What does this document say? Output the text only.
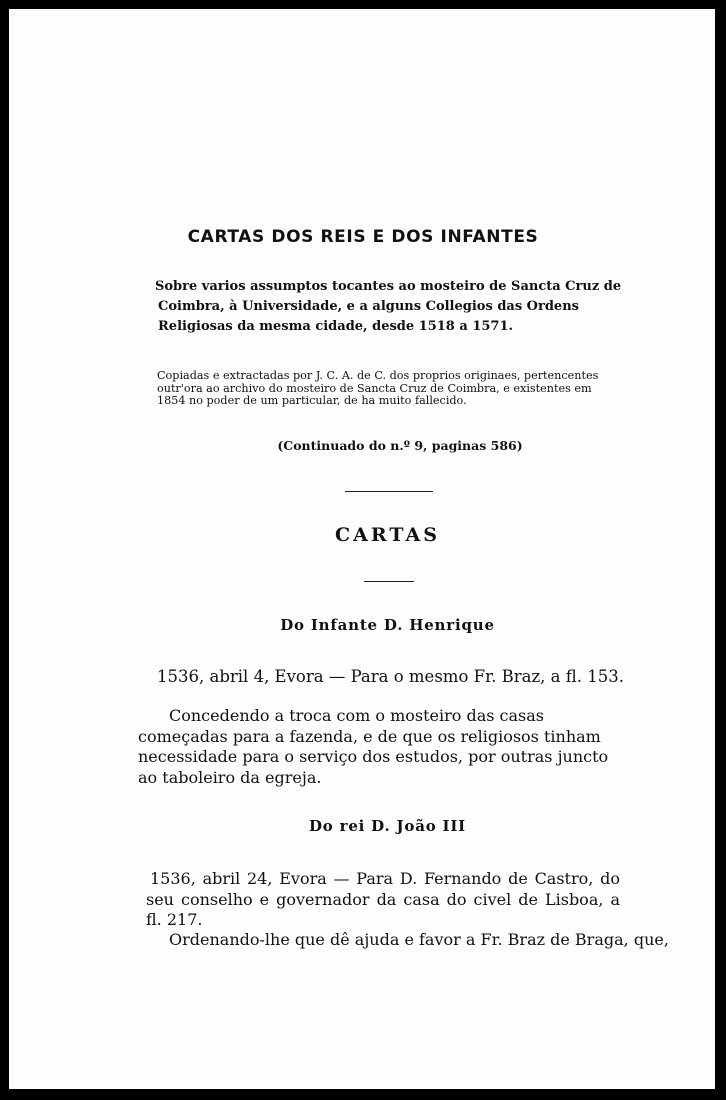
CARTAS DOS REIS E DOS INFANTES
Sobre varios assumptos tocantes ao mosteiro de Sancta Cruz de Coimbra, à Universidade, e a alguns Collegios das Ordens Religiosas da mesma cidade, desde 1518 a 1571.
Copiadas e extractadas por J. C. A. de C. dos proprios originaes, pertencentes outr'ora ao archivo do mosteiro de Sancta Cruz de Coimbra, e existentes em 1854 no poder de um particular, de ha muito fallecido.
(Continuado do n.º 9, paginas 586)
CARTAS
Do Infante D. Henrique
1536, abril 4, Evora — Para o mesmo Fr. Braz, a fl. 153.
Concedendo a troca com o mosteiro das casas começadas para a fazenda, e de que os religiosos tinham necessidade para o serviço dos estudos, por outras juncto ao taboleiro da egreja.
Do rei D. João III
1536, abril 24, Evora — Para D. Fernando de Castro, do seu conselho e governador da casa do civel de Lisboa, a fl. 217.
Ordenando-lhe que dê ajuda e favor a Fr. Braz de Braga, que,
